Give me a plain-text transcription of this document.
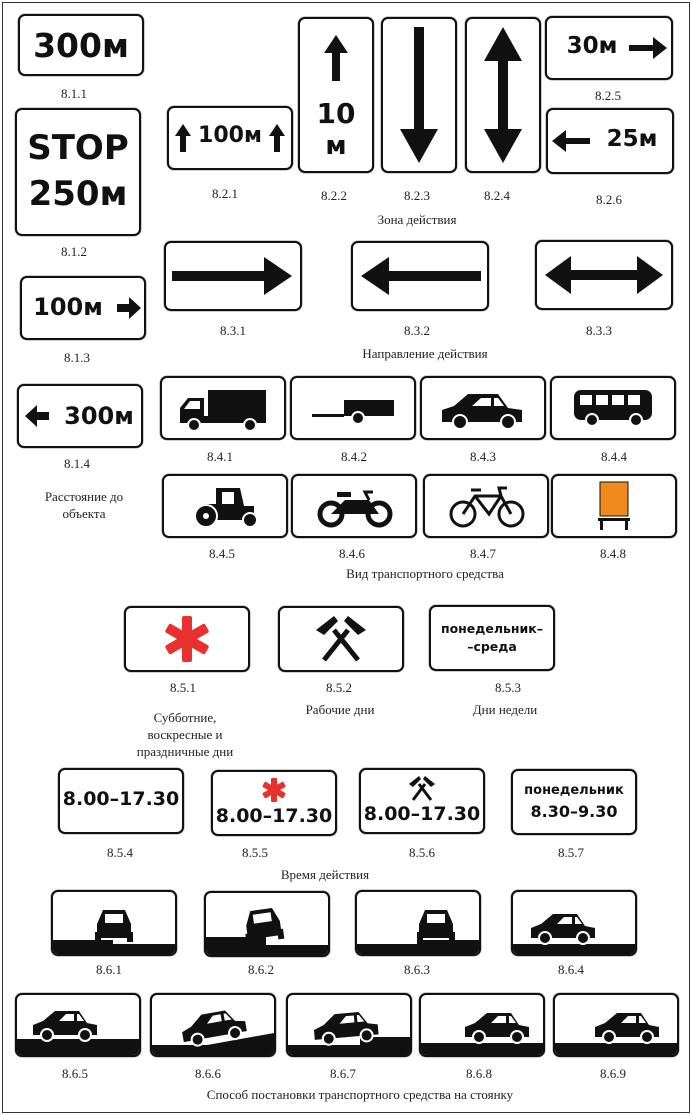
300м
8.1.1
STOP
250м
8.1.2
100м
8.1.3
300м
8.1.4
Расстояние до объекта
100м
8.2.1
10
м
8.2.2	8.2.3	8.2.4
30м
8.2.5
25м
8.2.6
Зона действия
8.3.1	8.3.2	8.3.3
Направление действия
8.4.1	8.4.2	8.4.3	8.4.4
8.4.5	8.4.6	8.4.7	8.4.8
Вид транспортного средства
8.5.1
Субботние, воскресные и праздничные дни
8.5.2
Рабочие дни
понедельник–
–среда
8.5.3
Дни недели
8.00–17.30
8.5.4
8.00–17.30
8.5.5
8.00–17.30
8.5.6
понедельник
8.30–9.30
8.5.7
Время действия
8.6.1	8.6.2	8.6.3	8.6.4
8.6.5	8.6.6	8.6.7	8.6.8	8.6.9
Способ постановки транспортного средства на стоянку
